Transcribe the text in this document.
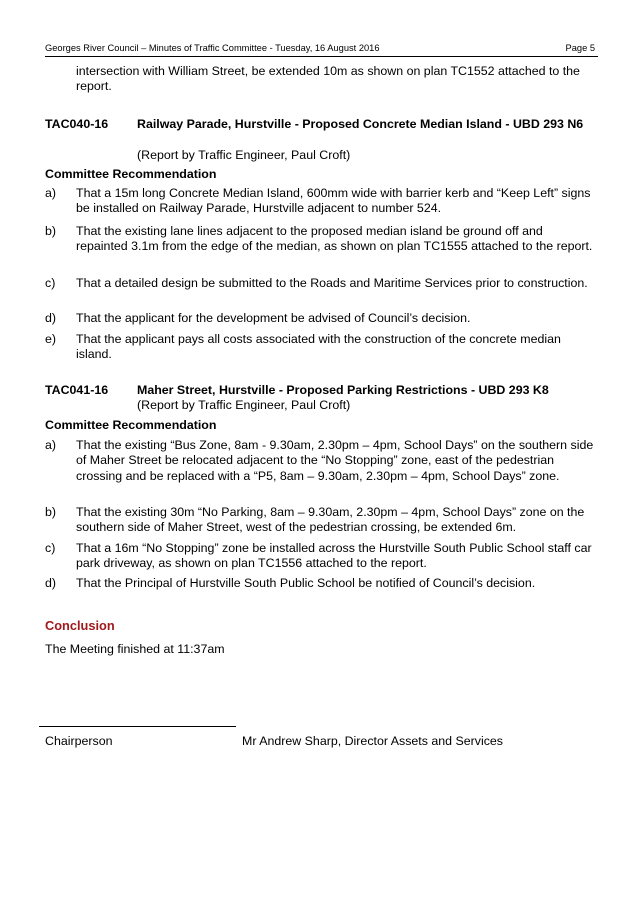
Georges River Council – Minutes of Traffic Committee - Tuesday, 16 August 2016	Page 5
intersection with William Street, be extended 10m as shown on plan TC1552 attached to the report.
TAC040-16 Railway Parade, Hurstville - Proposed Concrete Median Island - UBD 293 N6
(Report by Traffic Engineer, Paul Croft)
Committee Recommendation
a) That a 15m long Concrete Median Island, 600mm wide with barrier kerb and “Keep Left” signs be installed on Railway Parade, Hurstville adjacent to number 524.
b) That the existing lane lines adjacent to the proposed median island be ground off and repainted 3.1m from the edge of the median, as shown on plan TC1555 attached to the report.
c) That a detailed design be submitted to the Roads and Maritime Services prior to construction.
d) That the applicant for the development be advised of Council’s decision.
e) That the applicant pays all costs associated with the construction of the concrete median island.
TAC041-16 Maher Street, Hurstville - Proposed Parking Restrictions - UBD 293 K8
(Report by Traffic Engineer, Paul Croft)
Committee Recommendation
a) That the existing “Bus Zone, 8am - 9.30am, 2.30pm – 4pm, School Days” on the southern side of Maher Street be relocated adjacent to the “No Stopping” zone, east of the pedestrian crossing and be replaced with a “P5, 8am – 9.30am, 2.30pm – 4pm, School Days” zone.
b) That the existing 30m “No Parking, 8am – 9.30am, 2.30pm – 4pm, School Days” zone on the southern side of Maher Street, west of the pedestrian crossing, be extended 6m.
c) That a 16m “No Stopping” zone be installed across the Hurstville South Public School staff car park driveway, as shown on plan TC1556 attached to the report.
d) That the Principal of Hurstville South Public School be notified of Council’s decision.
Conclusion
The Meeting finished at 11:37am
Chairperson	Mr Andrew Sharp, Director Assets and Services
